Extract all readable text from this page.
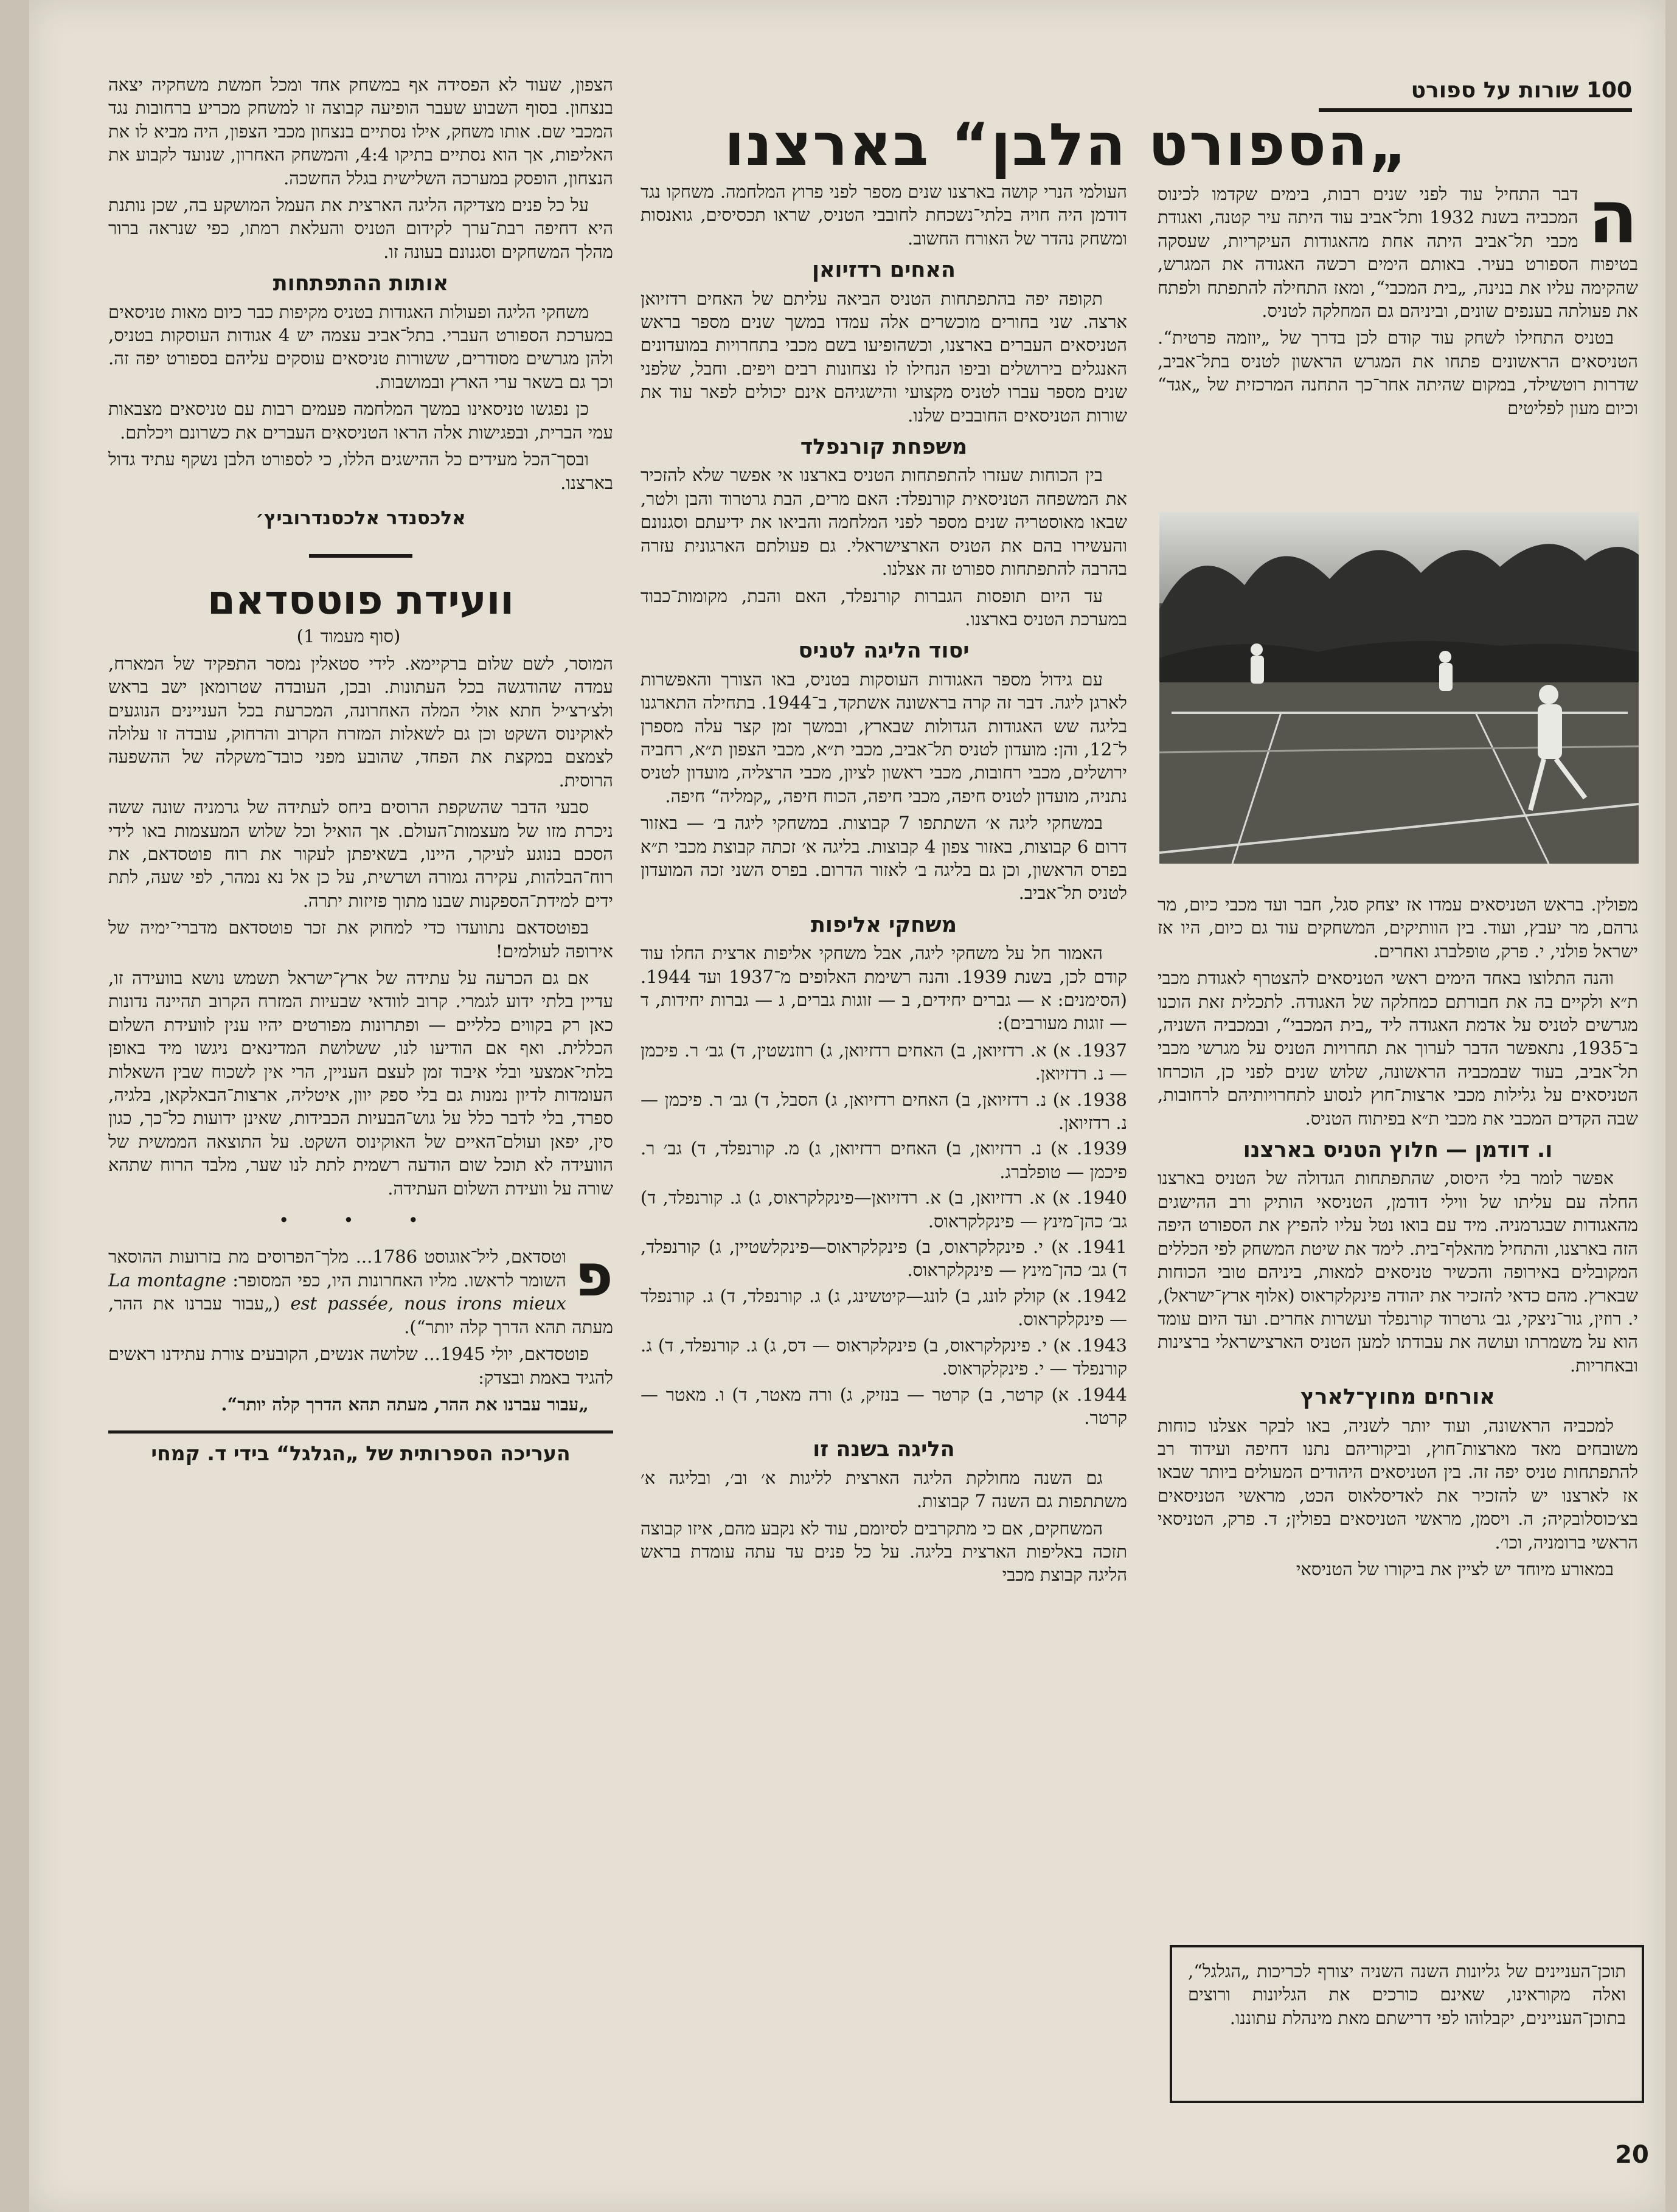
100 שורות על ספורט
„הספורט הלבן“ בארצנו
ה

דבר התחיל עוד לפני שנים רבות, בימים שקדמו לכינוס המכביה בשנת 1932 ותל־אביב עוד היתה עיר קטנה, ואגודת מכבי תל־אביב היתה אחת מהאגודות העיקריות, שעסקה בטיפוח הספורט בעיר. באותם הימים רכשה האגודה את המגרש, שהקימה עליו את בנינה, „בית המכבי“, ומאז התחילה להתפתח ולפתח את פעולתה בענפים שונים, וביניהם גם המחלקה לטניס.

בטניס התחילו לשחק עוד קודם לכן בדרך של „יוזמה פרטית“. הטניסאים הראשונים פתחו את המגרש הראשון לטניס בתל־אביב, שדרות רוטשילד, במקום שהיתה אחר־כך התחנה המרכזית של „אגד“ וכיום מעון לפליטים

מפולין. בראש הטניסאים עמדו אז יצחק סגל, חבר ועד מכבי כיום, מר גרהם, מר יעבץ, ועוד. בין הוותיקים, המשחקים עוד גם כיום, היו אז ישראל פולני, י. פרק, טופלברג ואחרים.

והנה התלוצו באחד הימים ראשי הטניסאים להצטרף לאגודת מכבי ת״א ולקיים בה את חבורתם כמחלקה של האגודה. לתכלית זאת הוכנו מגרשים לטניס על אדמת האגודה ליד „בית המכבי“, ובמכביה השניה, ב־1935, נתאפשר הדבר לערוך את תחרויות הטניס על מגרשי מכבי תל־אביב, בעוד שבמכביה הראשונה, שלוש שנים לפני כן, הוכרחו הטניסאים על גלילות מכבי ארצות־חוץ לנסוע לתחרויותיהם לרחובות, שבה הקדים המכבי את מכבי ת״א בפיתוח הטניס.

ו. דודמן — חלוץ הטניס בארצנו

אפשר לומר בלי היסוס, שהתפתחות הגדולה של הטניס בארצנו החלה עם עליתו של ווילי דודמן, הטניסאי הותיק ורב ההישגים מהאגודות שבגרמניה. מיד עם בואו נטל עליו להפיץ את הספורט היפה הזה בארצנו, והתחיל מהאלף־בית. לימד את שיטת המשחק לפי הכללים המקובלים באירופה והכשיר טניסאים למאות, ביניהם טובי הכוחות שבארץ. מהם כדאי להזכיר את יהודה פינקלקראוס (אלוף ארץ־ישראל), י. רוזין, גור־ניצקי, גב׳ גרטרוד קורנפלד ועשרות אחרים. ועד היום עומד הוא על משמרתו ועושה את עבודתו למען הטניס הארצישראלי ברצינות ובאחריות.

אורחים מחוץ־לארץ

למכביה הראשונה, ועוד יותר לשניה, באו לבקר אצלנו כוחות משובחים מאד מארצות־חוץ, וביקוריהם נתנו דחיפה ועידוד רב להתפתחות טניס יפה זה. בין הטניסאים היהודים המעולים ביותר שבאו אז לארצנו יש להזכיר את לאדיסלאוס הכט, מראשי הטניסאים בצ׳כוסלובקיה; ה. ויסמן, מראשי הטניסאים בפולין; ד. פרק, הטניסאי הראשי ברומניה, וכו׳.

במאורע מיוחד יש לציין את ביקורו של הטניסאי

תוכן־העניינים של גליונות השנה השניה יצורף לכריכות „הגלגל“, ואלה מקוראינו, שאינם כורכים את הגליונות ורוצים בתוכן־העניינים, יקבלוהו לפי דרישתם מאת מינהלת עתוננו.

העולמי הנרי קושה בארצנו שנים מספר לפני פרוץ המלחמה. משחקו נגד דודמן היה חויה בלתי־נשכחת לחובבי הטניס, שראו תכסיסים, גואנסות ומשחק נהדר של האורח החשוב.

האחים רדזיואן

תקופה יפה בהתפתחות הטניס הביאה עליתם של האחים רדזיואן ארצה. שני בחורים מוכשרים אלה עמדו במשך שנים מספר בראש הטניסאים העברים בארצנו, וכשהופיעו בשם מכבי בתחרויות במועדונים האנגלים בירושלים וביפו הנחילו לו נצחונות רבים ויפים. וחבל, שלפני שנים מספר עברו לטניס מקצועי והישגיהם אינם יכולים לפאר עוד את שורות הטניסאים החובבים שלנו.

משפחת קורנפלד

בין הכוחות שעזרו להתפתחות הטניס בארצנו אי אפשר שלא להזכיר את המשפחה הטניסאית קורנפלד: האם מרים, הבת גרטרוד והבן ולטר, שבאו מאוסטריה שנים מספר לפני המלחמה והביאו את ידיעתם וסגנונם והעשירו בהם את הטניס הארצישראלי. גם פעולתם הארגונית עזרה בהרבה להתפתחות ספורט זה אצלנו.

עד היום תופסות הגברות קורנפלד, האם והבת, מקומות־כבוד במערכת הטניס בארצנו.

יסוד הליגה לטניס

עם גידול מספר האגודות העוסקות בטניס, באו הצורך והאפשרות לארגן ליגה. דבר זה קרה בראשונה אשתקד, ב־1944. בתחילה התארגנו בליגה שש האגודות הגדולות שבארץ, ובמשך זמן קצר עלה מספרן ל־12, והן: מועדון לטניס תל־אביב, מכבי ת״א, מכבי הצפון ת״א, רחביה ירושלים, מכבי רחובות, מכבי ראשון לציון, מכבי הרצליה, מועדון לטניס נתניה, מועדון לטניס חיפה, מכבי חיפה, הכוח חיפה, „קמליה“ חיפה.

במשחקי ליגה א׳ השתתפו 7 קבוצות. במשחקי ליגה ב׳ — באזור דרום 6 קבוצות, באזור צפון 4 קבוצות. בליגה א׳ זכתה קבוצת מכבי ת״א בפרס הראשון, וכן גם בליגה ב׳ לאזור הדרום. בפרס השני זכה המועדון לטניס תל־אביב.

משחקי אליפות

האמור חל על משחקי ליגה, אבל משחקי אליפות ארצית החלו עוד קודם לכן, בשנת 1939. והנה רשימת האלופים מ־1937 ועד 1944. (הסימנים: א — גברים יחידים, ב — זוגות גברים, ג — גברות יחידות, ד — זוגות מעורבים):

1937. א) א. רדזיואן, ב) האחים רדזיואן, ג) רוזנשטין, ד) גב׳ ר. פיכמן — נ. רדזיואן.
1938. א) נ. רדזיואן, ב) האחים רדזיואן, ג) הסבל, ד) גב׳ ר. פיכמן — נ. רדזיואן.
1939. א) נ. רדזיואן, ב) האחים רדזיואן, ג) מ. קורנפלד, ד) גב׳ ר. פיכמן — טופלברג.
1940. א) א. רדזיואן, ב) א. רדזיואן—פינקלקראוס, ג) ג. קורנפלד, ד) גב׳ כהן־מינץ — פינקלקראוס.
1941. א) י. פינקלקראוס, ב) פינקלקראוס—פינקלשטיין, ג) קורנפלד, ד) גב׳ כהן־מינץ — פינקלקראוס.
1942. א) קולק לונג, ב) לונג—קיטשינג, ג) ג. קורנפלד, ד) ג. קורנפלד — פינקלקראוס.
1943. א) י. פינקלקראוס, ב) פינקלקראוס — דס, ג) ג. קורנפלד, ד) ג. קורנפלד — י. פינקלקראוס.
1944. א) קרטר, ב) קרטר — בנזיק, ג) ורה מאטר, ד) ו. מאטר — קרטר.
הליגה בשנה זו

גם השנה מחולקת הליגה הארצית לליגות א׳ וב׳, ובליגה א׳ משתתפות גם השנה 7 קבוצות.

המשחקים, אם כי מתקרבים לסיומם, עוד לא נקבע מהם, איזו קבוצה תזכה באליפות הארצית בליגה. על כל פנים עד עתה עומדת בראש הליגה קבוצת מכבי

הצפון, שעוד לא הפסידה אף במשחק אחד ומכל חמשת משחקיה יצאה בנצחון. בסוף השבוע שעבר הופיעה קבוצה זו למשחק מכריע ברחובות נגד המכבי שם. אותו משחק, אילו נסתיים בנצחון מכבי הצפון, היה מביא לו את האליפות, אך הוא נסתיים בתיקו 4:4, והמשחק האחרון, שנועד לקבוע את הנצחון, הופסק במערכה השלישית בגלל החשכה.

על כל פנים מצדיקה הליגה הארצית את העמל המושקע בה, שכן נותנת היא דחיפה רבת־ערך לקידום הטניס והעלאת רמתו, כפי שנראה ברור מהלך המשחקים וסגנונם בעונה זו.

אותות ההתפתחות

משחקי הליגה ופעולות האגודות בטניס מקיפות כבר כיום מאות טניסאים במערכת הספורט העברי. בתל־אביב עצמה יש 4 אגודות העוסקות בטניס, ולהן מגרשים מסודרים, ששורות טניסאים עוסקים עליהם בספורט יפה זה. וכך גם בשאר ערי הארץ ובמושבות.

כן נפגשו טניסאינו במשך המלחמה פעמים רבות עם טניסאים מצבאות עמי הברית, ובפגישות אלה הראו הטניסאים העברים את כשרונם ויכלתם.

ובסך־הכל מעידים כל ההישגים הללו, כי לספורט הלבן נשקף עתיד גדול בארצנו.

אלכסנדר אלכסנדרוביץ׳
וועידת פוטסדאם

(סוף מעמוד 1)

המוסר, לשם שלום ברקיימא. לידי סטאלין נמסר התפקיד של המארח, עמדה שהודגשה בכל העתונות. ובכן, העובדה שטרומאן ישב בראש ולצ׳רצ׳יל חתא אולי המלה האחרונה, המכרעת בכל העניינים הנוגעים לאוקינוס השקט וכן גם לשאלות המזרח הקרוב והרחוק, עובדה זו עלולה לצמצם במקצת את הפחד, שהובע מפני כובד־משקלה של ההשפעה הרוסית.

סבעי הדבר שהשקפת הרוסים ביחס לעתידה של גרמניה שונה ששה ניכרת מזו של מעצמות־העולם. אך הואיל וכל שלוש המעצמות באו לידי הסכם בנוגע לעיקר, היינו, בשאיפתן לעקור את רוח פוטסדאם, את רוח־הבלהות, עקירה גמורה ושרשית, על כן אל נא נמהר, לפי שעה, לתת ידים למידת־הספקנות שבנו מתוך פזיזות יתרה.

בפוטסדאם נתוועדו כדי למחוק את זכר פוטסדאם מדברי־ימיה של אירופה לעולמים!

אם גם הכרעה על עתידה של ארץ־ישראל תשמש נושא בוועידה זו, עדיין בלתי ידוע לגמרי. קרוב לוודאי שבעיות המזרח הקרוב תהיינה נדונות כאן רק בקווים כלליים — ופתרונות מפורטים יהיו ענין לוועידת השלום הכללית. ואף אם הודיעו לנו, ששלושת המדינאים ניגשו מיד באופן בלתי־אמצעי ובלי איבוד זמן לעצם העניין, הרי אין לשכוח שבין השאלות העומדות לדיון נמנות גם בלי ספק יוון, איטליה, ארצות־הבאלקאן, בלגיה, ספרד, בלי לדבר כלל על גוש־הבעיות הכבידות, שאינן ידועות כל־כך, כגון סין, יפאן ועולם־האיים של האוקינוס השקט. על התוצאה הממשית של הוועידה לא תוכל שום הודעה רשמית לתת לנו שער, מלבד הרוח שתהא שורה על וועידת השלום העתידה.

• • •
פ

וטסדאם, ליל־אוגוסט 1786... מלך־הפרוסים מת בזרועות ההוסאר השומר לראשו. מליו האחרונות היו, כפי המסופר: La montagne est passée, nous irons mieux („עבור עברנו את ההר, מעתה תהא הדרך קלה יותר“).

פוטסדאם, יולי 1945... שלושה אנשים, הקובעים צורת עתידנו ראשים להגיד באמת ובצדק:

„עבור עברנו את ההר, מעתה תהא הדרך קלה יותר“.

העריכה הספרותית של „הגלגל“ בידי ד. קמחי
20
